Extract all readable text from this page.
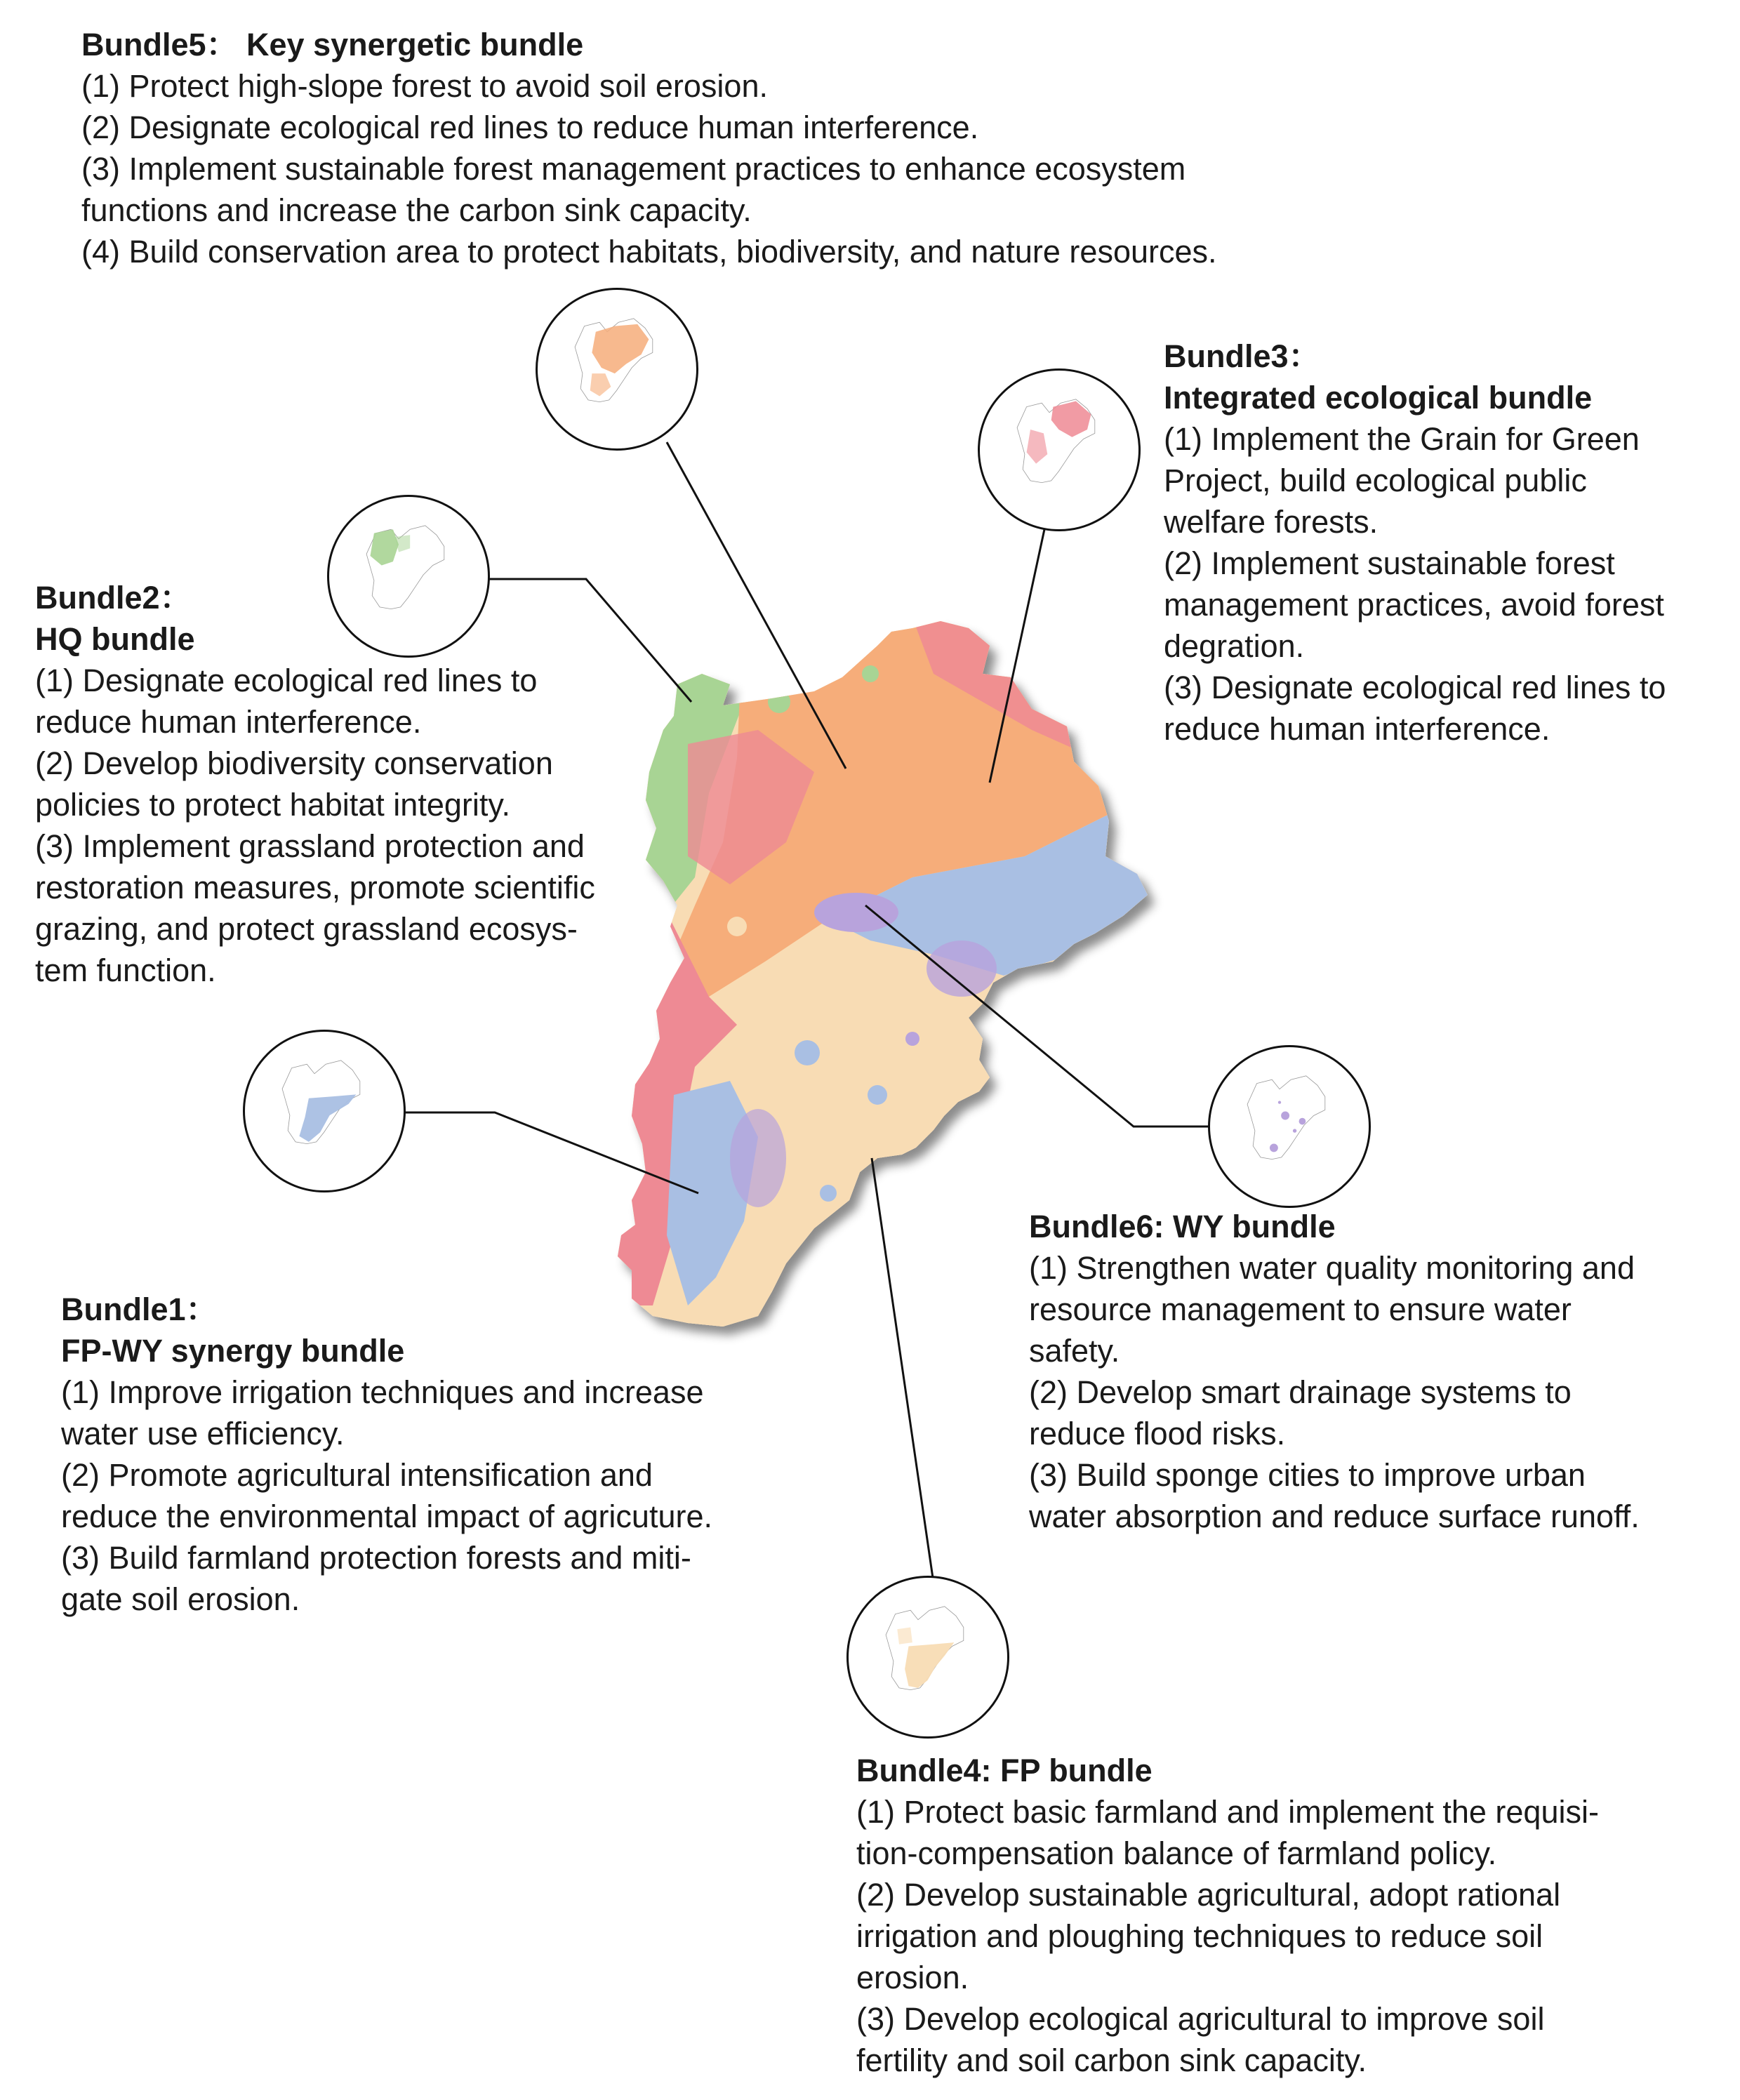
Bundle5： Key synergetic bundle
(1) Protect high-slope forest to avoid soil erosion.
(2) Designate ecological red lines to reduce human interference.
(3) Implement sustainable forest management practices to enhance ecosystem
functions and increase the carbon sink capacity.
(4) Build conservation area to protect habitats, biodiversity, and nature resources.
Bundle3：
Integrated ecological bundle
(1) Implement the Grain for Green
Project, build ecological public
welfare forests.
(2) Implement sustainable forest
management practices, avoid forest
degration.
(3) Designate ecological red lines to
reduce human interference.
Bundle2：
HQ bundle
(1) Designate ecological red lines to
reduce human interference.
(2) Develop biodiversity conservation
policies to protect habitat integrity.
(3) Implement grassland protection and
restoration measures, promote scientific
grazing, and protect grassland ecosys-
tem function.
Bundle1：
FP-WY synergy bundle
(1) Improve irrigation techniques and increase
water use efficiency.
(2) Promote agricultural intensification and
reduce the environmental impact of agricuture.
(3) Build farmland protection forests and miti-
gate soil erosion.
Bundle6: WY bundle
(1) Strengthen water quality monitoring and
resource management to ensure water
safety.
(2) Develop smart drainage systems to
reduce flood risks.
(3) Build sponge cities to improve urban
water absorption and reduce surface runoff.
Bundle4: FP bundle
(1) Protect basic farmland and implement the requisi-
tion-compensation balance of farmland policy.
(2) Develop sustainable agricultural, adopt rational
irrigation and ploughing techniques to reduce soil
erosion.
(3) Develop ecological agricultural to improve soil
fertility and soil carbon sink capacity.
